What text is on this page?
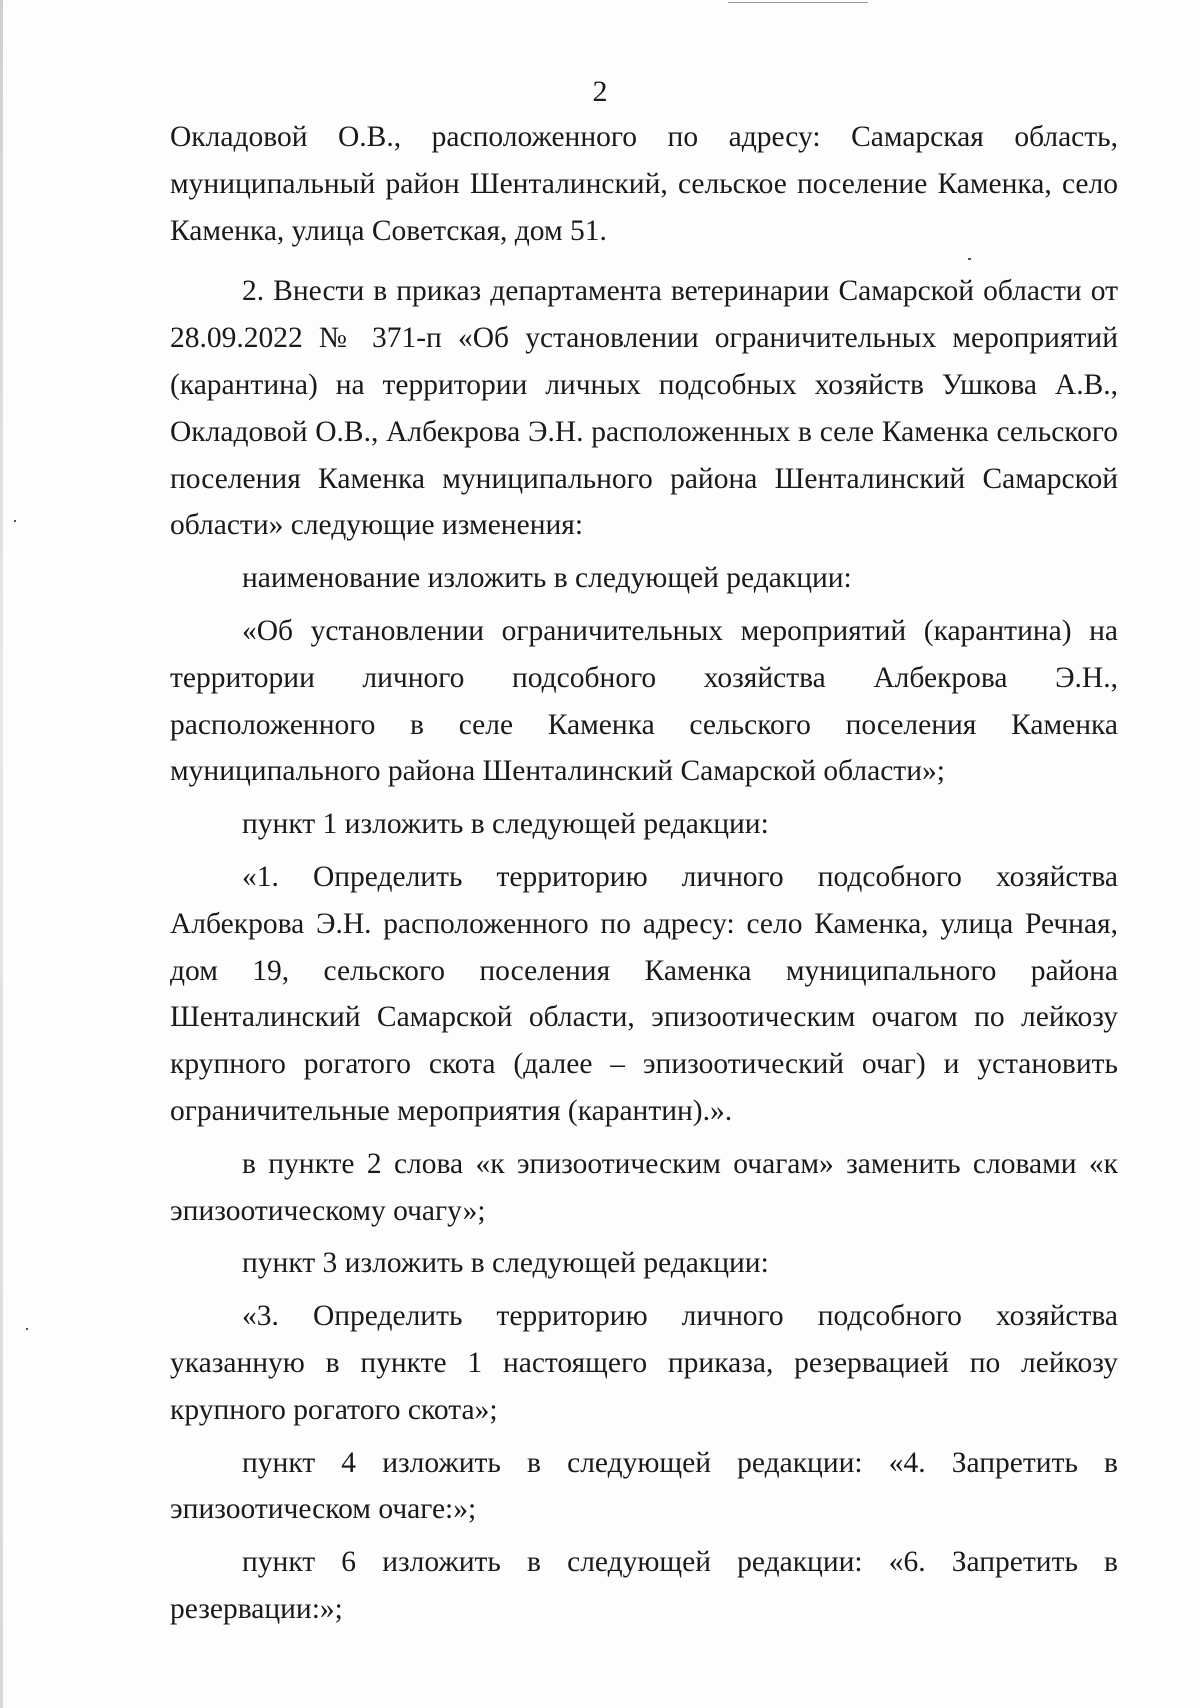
2

Окладовой О.В., расположенного по адресу: Самарская область, муниципальный район Шенталинский, сельское поселение Каменка, село Каменка, улица Советская, дом 51.

2. Внести в приказ департамента ветеринарии Самарской области от 28.09.2022 № 371-п «Об установлении ограничительных мероприятий (карантина) на территории личных подсобных хозяйств Ушкова А.В., Окладовой О.В., Албекрова Э.Н. расположенных в селе Каменка сельского поселения Каменка муниципального района Шенталинский Самарской области» следующие изменения:

наименование изложить в следующей редакции:

«Об установлении ограничительных мероприятий (карантина) на территории личного подсобного хозяйства Албекрова Э.Н., расположенного в селе Каменка сельского поселения Каменка муниципального района Шенталинский Самарской области»;

пункт 1 изложить в следующей редакции:

«1. Определить территорию личного подсобного хозяйства Албекрова Э.Н. расположенного по адресу: село Каменка, улица Речная, дом 19, сельского поселения Каменка муниципального района Шенталинский Самарской области, эпизоотическим очагом по лейкозу крупного рогатого скота (далее – эпизоотический очаг) и установить ограничительные мероприятия (карантин).».

в пункте 2 слова «к эпизоотическим очагам» заменить словами «к эпизоотическому очагу»;

пункт 3 изложить в следующей редакции:

«3. Определить территорию личного подсобного хозяйства указанную в пункте 1 настоящего приказа, резервацией по лейкозу крупного рогатого скота»;

пункт 4 изложить в следующей редакции: «4. Запретить в эпизоотическом очаге:»;

пункт 6 изложить в следующей редакции: «6. Запретить в резервации:»;
